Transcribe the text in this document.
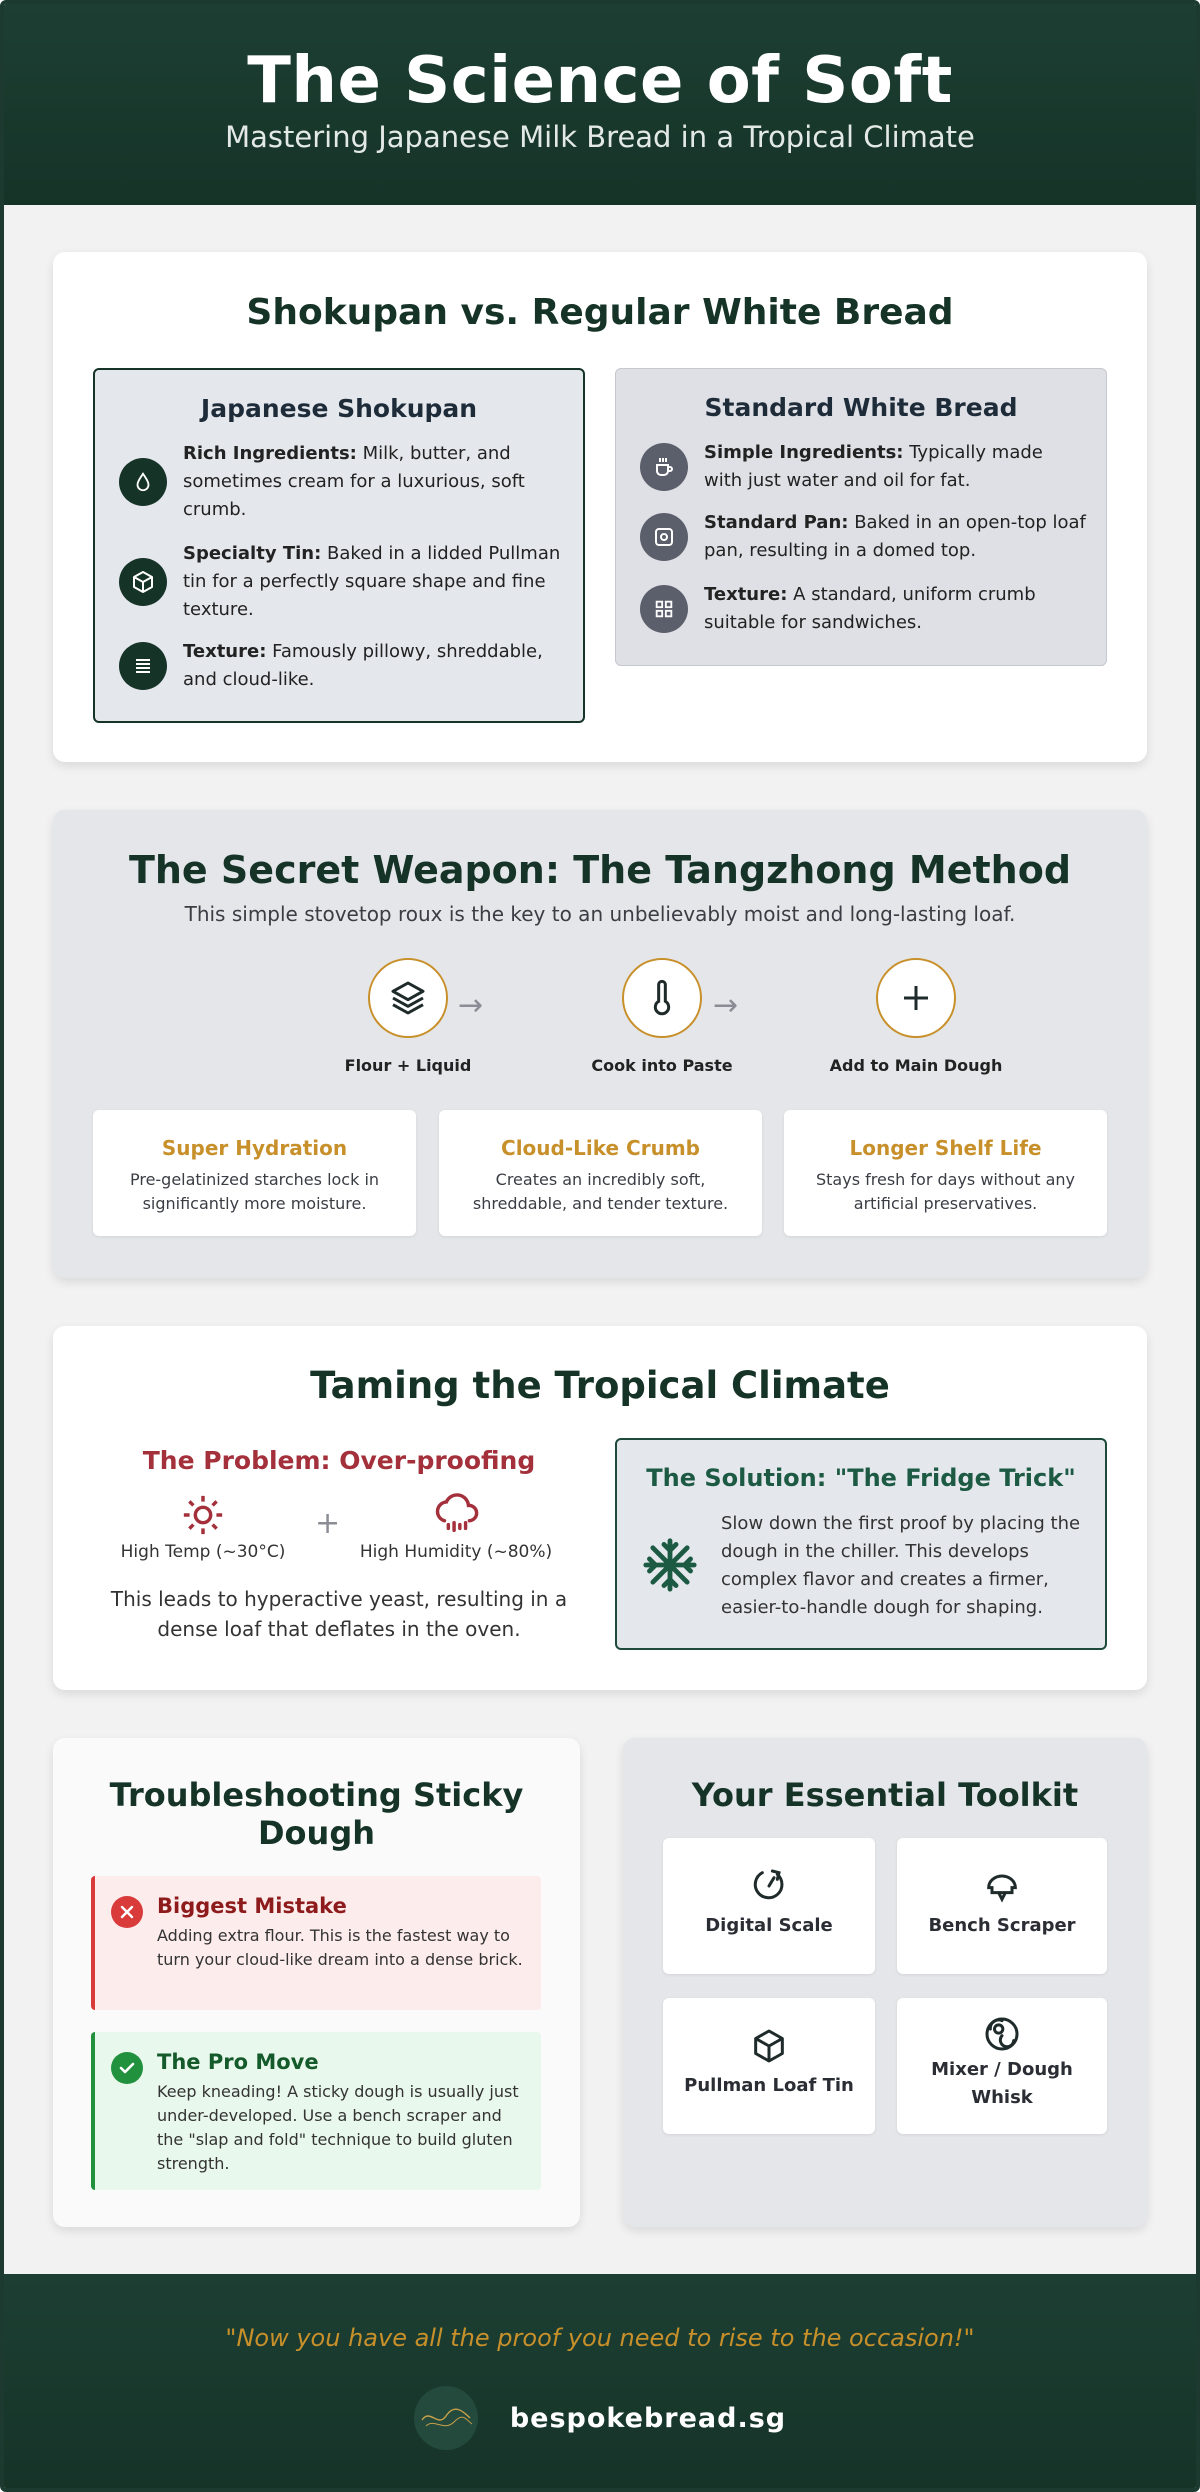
The Science of Soft
Mastering Japanese Milk Bread in a Tropical Climate
Shokupan vs. Regular White Bread
Japanese Shokupan
Rich Ingredients: Milk, butter, and sometimes cream for a luxurious, soft crumb.
Specialty Tin: Baked in a lidded Pullman tin for a perfectly square shape and fine texture.
Texture: Famously pillowy, shreddable, and cloud-like.
Standard White Bread
Simple Ingredients: Typically made with just water and oil for fat.
Standard Pan: Baked in an open-top loaf pan, resulting in a domed top.
Texture: A standard, uniform crumb suitable for sandwiches.
The Secret Weapon: The Tangzhong Method
This simple stovetop roux is the key to an unbelievably moist and long-lasting loaf.
Flour + Liquid
→
Cook into Paste
→
Add to Main Dough
Super Hydration
Pre-gelatinized starches lock in significantly more moisture.
Cloud-Like Crumb
Creates an incredibly soft, shreddable, and tender texture.
Longer Shelf Life
Stays fresh for days without any artificial preservatives.
Taming the Tropical Climate
The Problem: Over-proofing
High Temp (~30°C)
+
High Humidity (~80%)
This leads to hyperactive yeast, resulting in a dense loaf that deflates in the oven.
The Solution: "The Fridge Trick"
Slow down the first proof by placing the dough in the chiller. This develops complex flavor and creates a firmer, easier-to-handle dough for shaping.
Troubleshooting Sticky
Dough
Biggest Mistake
Adding extra flour. This is the fastest way to turn your cloud-like dream into a dense brick.
The Pro Move
Keep kneading! A sticky dough is usually just under-developed. Use a bench scraper and the "slap and fold" technique to build gluten strength.
Your Essential Toolkit
Digital Scale	Bench Scraper
Pullman Loaf Tin
Mixer / Dough Whisk
"Now you have all the proof you need to rise to the occasion!"
bespokebread.sg
